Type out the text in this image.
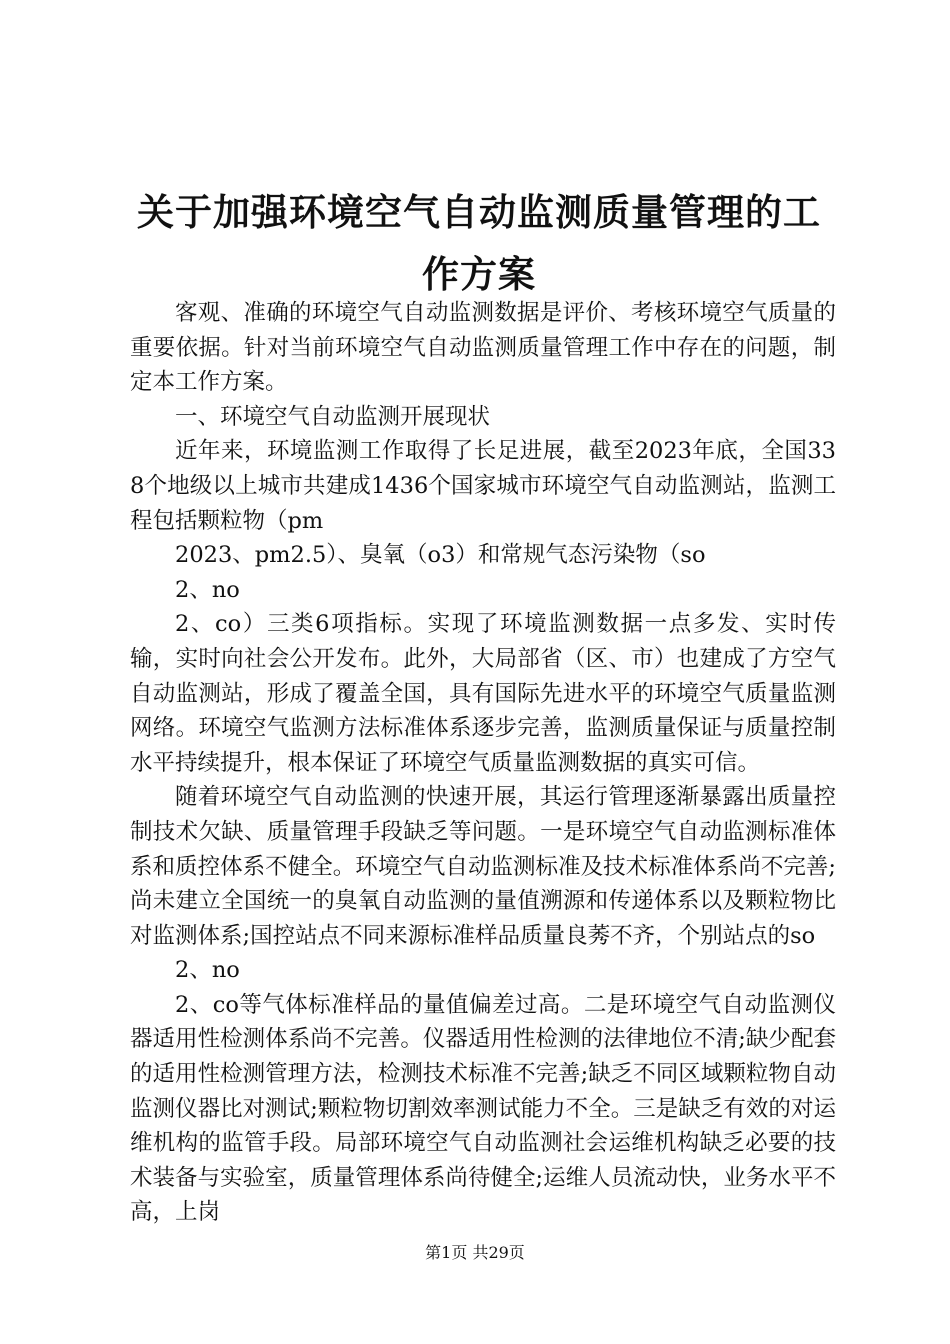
关于加强环境空气自动监测质量管理的工作方案

客观、准确的环境空气自动监测数据是评价、考核环境空气质量的重要依据。针对当前环境空气自动监测质量管理工作中存在的问题，制定本工作方案。

一、环境空气自动监测开展现状

近年来，环境监测工作取得了长足进展，截至2023年底，全国338个地级以上城市共建成1436个国家城市环境空气自动监测站，监测工程包括颗粒物（pm

2023、pm2.5）、臭氧（o3）和常规气态污染物（so

2、no

2、co）三类6项指标。实现了环境监测数据一点多发、实时传输，实时向社会公开发布。此外，大局部省（区、市）也建成了方空气自动监测站，形成了覆盖全国，具有国际先进水平的环境空气质量监测网络。环境空气监测方法标准体系逐步完善，监测质量保证与质量控制水平持续提升，根本保证了环境空气质量监测数据的真实可信。

随着环境空气自动监测的快速开展，其运行管理逐渐暴露出质量控制技术欠缺、质量管理手段缺乏等问题。一是环境空气自动监测标准体系和质控体系不健全。环境空气自动监测标准及技术标准体系尚不完善;尚未建立全国统一的臭氧自动监测的量值溯源和传递体系以及颗粒物比对监测体系;国控站点不同来源标准样品质量良莠不齐，个别站点的so

2、no

2、co等气体标准样品的量值偏差过高。二是环境空气自动监测仪器适用性检测体系尚不完善。仪器适用性检测的法律地位不清;缺少配套的适用性检测管理方法，检测技术标准不完善;缺乏不同区域颗粒物自动监测仪器比对测试;颗粒物切割效率测试能力不全。三是缺乏有效的对运维机构的监管手段。局部环境空气自动监测社会运维机构缺乏必要的技术装备与实验室，质量管理体系尚待健全;运维人员流动快，业务水平不高，上岗

第1页 共29页
